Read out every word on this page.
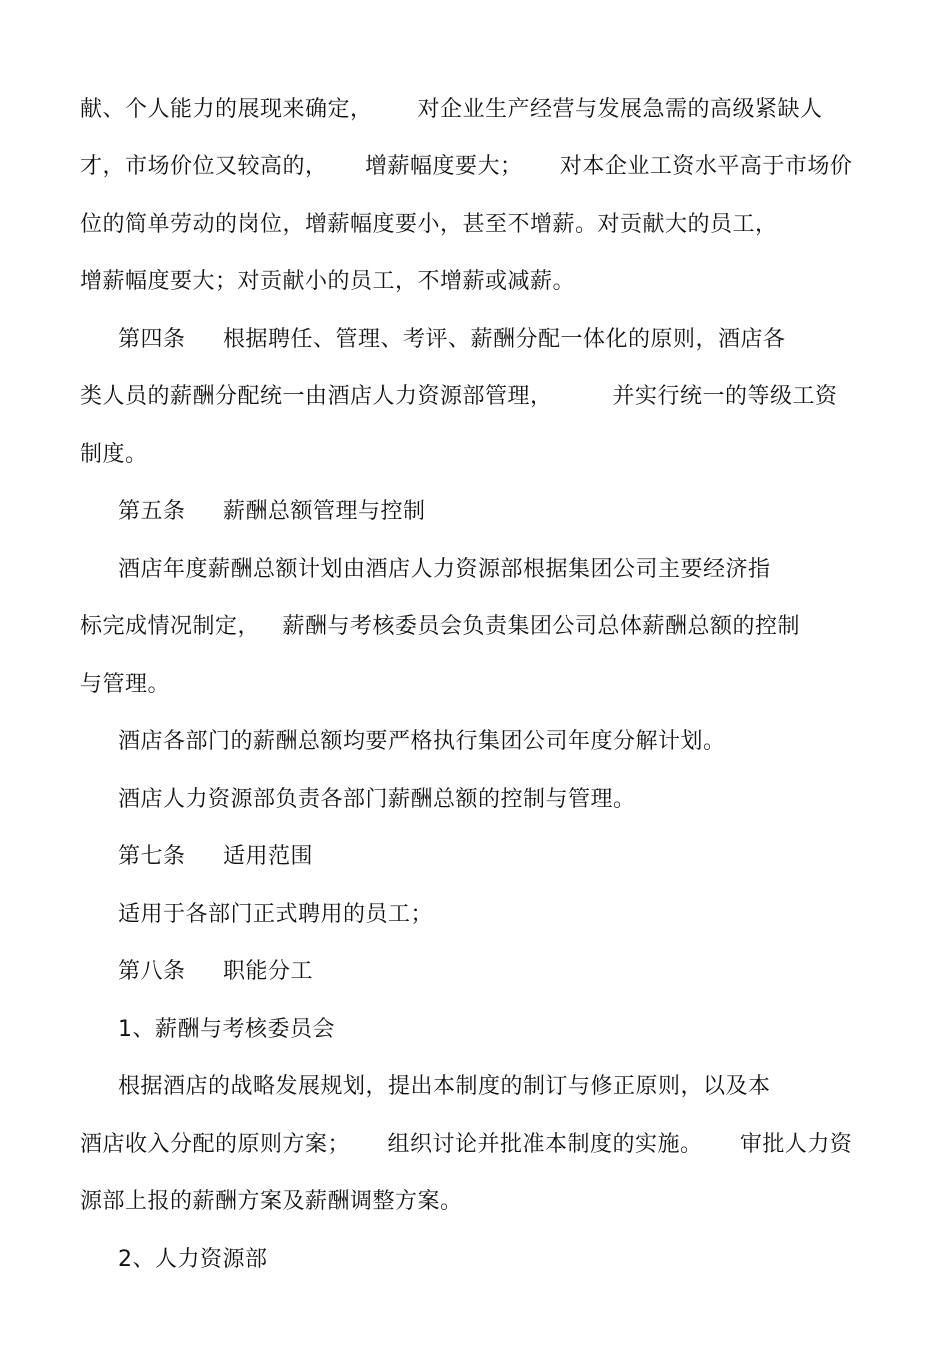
献、个人能力的展现来确定，      对企业生产经营与发展急需的高级紧缺人
才，市场价位又较高的，     增薪幅度要大；     对本企业工资水平高于市场价
位的简单劳动的岗位，增薪幅度要小，甚至不增薪。对贡献大的员工，
增薪幅度要大；对贡献小的员工，不增薪或减薪。
第四条     根据聘任、管理、考评、薪酬分配一体化的原则，酒店各
类人员的薪酬分配统一由酒店人力资源部管理，        并实行统一的等级工资
制度。
第五条     薪酬总额管理与控制
酒店年度薪酬总额计划由酒店人力资源部根据集团公司主要经济指
标完成情况制定，   薪酬与考核委员会负责集团公司总体薪酬总额的控制
与管理。
酒店各部门的薪酬总额均要严格执行集团公司年度分解计划。
酒店人力资源部负责各部门薪酬总额的控制与管理。
第七条     适用范围
适用于各部门正式聘用的员工；
第八条     职能分工
1、薪酬与考核委员会
根据酒店的战略发展规划，提出本制度的制订与修正原则，以及本
酒店收入分配的原则方案；     组织讨论并批准本制度的实施。     审批人力资
源部上报的薪酬方案及薪酬调整方案。
2、人力资源部
